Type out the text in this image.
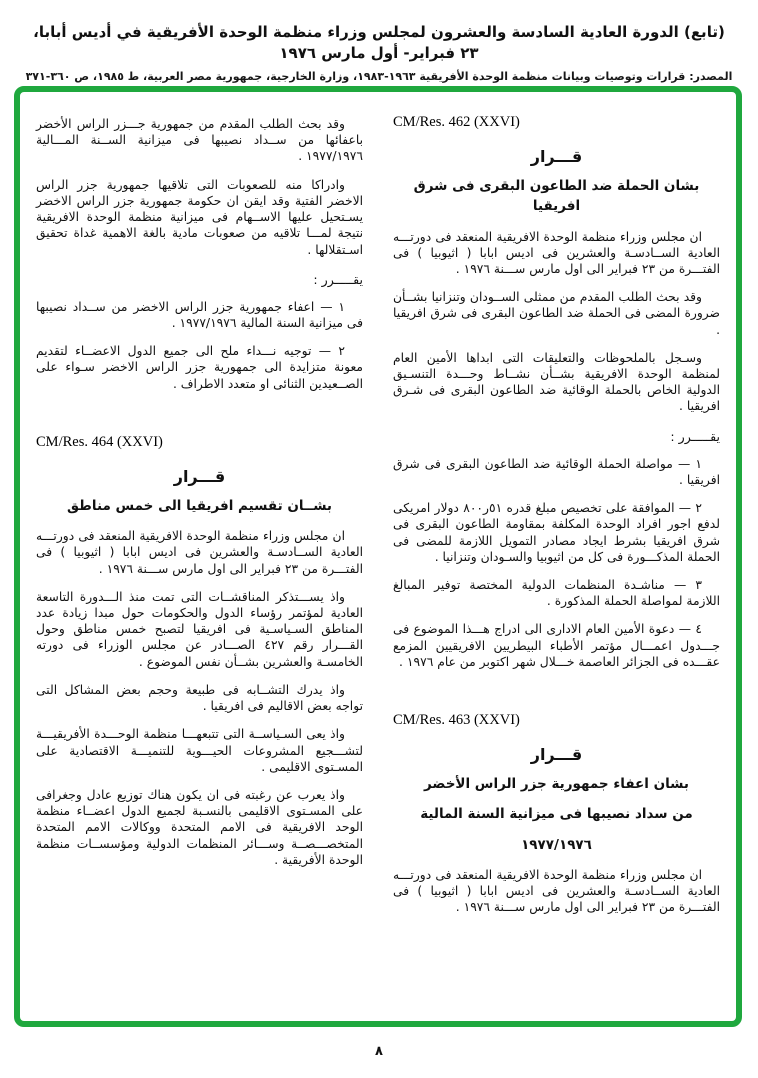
(تابع) الدورة العادية السادسة والعشرون لمجلس وزراء منظمة الوحدة الأفريقية في أديس أبابا، ٢٣ فبراير- أول مارس ١٩٧٦
المصدر: قرارات وتوصيات وبيانات منظمة الوحدة الأفريقية ١٩٦٣-١٩٨٣، وزارة الخارجية، جمهورية مصر العربية، ط ١٩٨٥، ص ٣٦٠-٣٧١
CM/Res. 462 (XXVI)
قـــرار
بشان الحملة ضد الطاعون البقرى فى شرق افريقيا

ان مجلس وزراء منظمة الوحدة الافريقية المنعقد فى دورتـــه العادية الســادسـة والعشرين فى اديس ابابا ( اثيوبيا ) فى الفتـــرة من ٢٣ فبراير الى اول مارس ســـنة ١٩٧٦ .

وقد بحث الطلب المقدم من ممثلى الســودان وتنزانيا بشــأن ضرورة المضى فى الحملة ضد الطاعون البقرى فى شرق افريقيا .

وسـجل بالملحوظات والتعليقات التى ابداها الأمين العام لمنظمة الوحدة الافريقية بشــأن نشــاط وحـــدة التنسـيق الدولية الخاص بالحملة الوقائية ضد الطاعون البقرى فى شـرق افريقيا .

يقـــــرر :

١ — مواصلة الحملة الوقائية ضد الطاعون البقرى فى شرق افريقيا .

٢ — الموافقة على تخصيص مبلغ قدره ٥١ر٨٠٠ دولار امريكى لدفع اجور افراد الوحدة المكلفة بمقاومة الطاعون البقرى فى شرق افريقيا بشرط ايجاد مصادر التمويل اللازمة للمضى فى الحملة المذكـــورة فى كل من اثيوبيا والسـودان وتنزانيا .

٣ — مناشـدة المنظمات الدولية المختصة توفير المبالغ اللازمة لمواصلة الحملة المذكورة .

٤ — دعوة الأمين العام الادارى الى ادراج هـــذا الموضوع فى جـــدول اعمـــال مؤتمر الأطباء البيطريين الافريقيين المزمع عقـــده فى الجزائر العاصمة خـــلال شهر اكتوبر من عام ١٩٧٦ .

CM/Res. 463 (XXVI)
قـــرار
بشان اعفاء جمهورية جزر الراس الأخضر
من سداد نصيبها فى ميزانية السنة المالية
١٩٧٧/١٩٧٦

ان مجلس وزراء منظمة الوحدة الافريقية المنعقد فى دورتـــه العادية الســادسـة والعشرين فى اديس ابابا ( اثيوبيا ) فى الفتـــرة من ٢٣ فبراير الى اول مارس ســـنة ١٩٧٦ .

وقد بحث الطلب المقدم من جمهورية جـــزر الراس الأخضر باعفائها من ســداد نصيبها فى ميزانية الســنة المـــالية ١٩٧٧/١٩٧٦ .

وادراكا منه للصعوبات التى تلاقيها جمهورية جزر الراس الاخضر الفتية وقد ايقن ان حكومة جمهورية جزر الراس الاخضر يسـتحيل عليها الاســهام فى ميزانية منظمة الوحدة الافريقية نتيجة لمـــا تلاقيه من صعوبات مادية بالغة الاهمية غداة تحقيق اسـتقلالها .

يقـــــرر :

١ — اعفاء جمهورية جزر الراس الاخضر من ســداد نصيبها فى ميزانية السنة المالية ١٩٧٧/١٩٧٦ .

٢ — توجيه نـــداء ملح الى جميع الدول الاعضــاء لتقديم معونة متزايدة الى جمهورية جزر الراس الاخضر سـواء على الصــعيدين الثنائى او متعدد الاطراف .

CM/Res. 464 (XXVI)
قـــرار
بشــان تقسيم افريقيا الى خمس مناطق

ان مجلس وزراء منظمة الوحدة الافريقية المنعقد فى دورتـــه العادية الســادسـة والعشرين فى اديس ابابا ( اثيوبيا ) فى الفتـــرة من ٢٣ فبراير الى اول مارس ســـنة ١٩٧٦ .

واذ يســـتذكر المناقشــات التى تمت منذ الـــدورة التاسعة العادية لمؤتمر رؤساء الدول والحكومات حول مبدا زيادة عدد المناطق السـياسـية فى افريقيا لتصبح خمس مناطق وحول القـــرار رقم ٤٢٧ الصـــادر عن مجلس الوزراء فى دورته الخامسـة والعشرين بشــأن نفس الموضوع .

واذ يدرك التشــابه فى طبيعة وحجم بعض المشاكل التى تواجه بعض الاقاليم فى افريقيا .

واذ يعى السـياســة التى تتبعهـــا منظمة الوحـــدة الأفريقيـــة لتشـــجيع المشروعات الحيـــوية للتنميـــة الاقتصادية على المسـتوى الاقليمى .

واذ يعرب عن رغبته فى ان يكون هناك توزيع عادل وجغرافى على المسـتوى الاقليمى بالنسـبة لجميع الدول اعضــاء منظمة الوحد الافريقية فى الامم المتحدة ووكالات الامم المتحدة المتخصـــصــة وســـائر المنظمات الدولية ومؤسســات منظمة الوحدة الأفريقية .

٨
